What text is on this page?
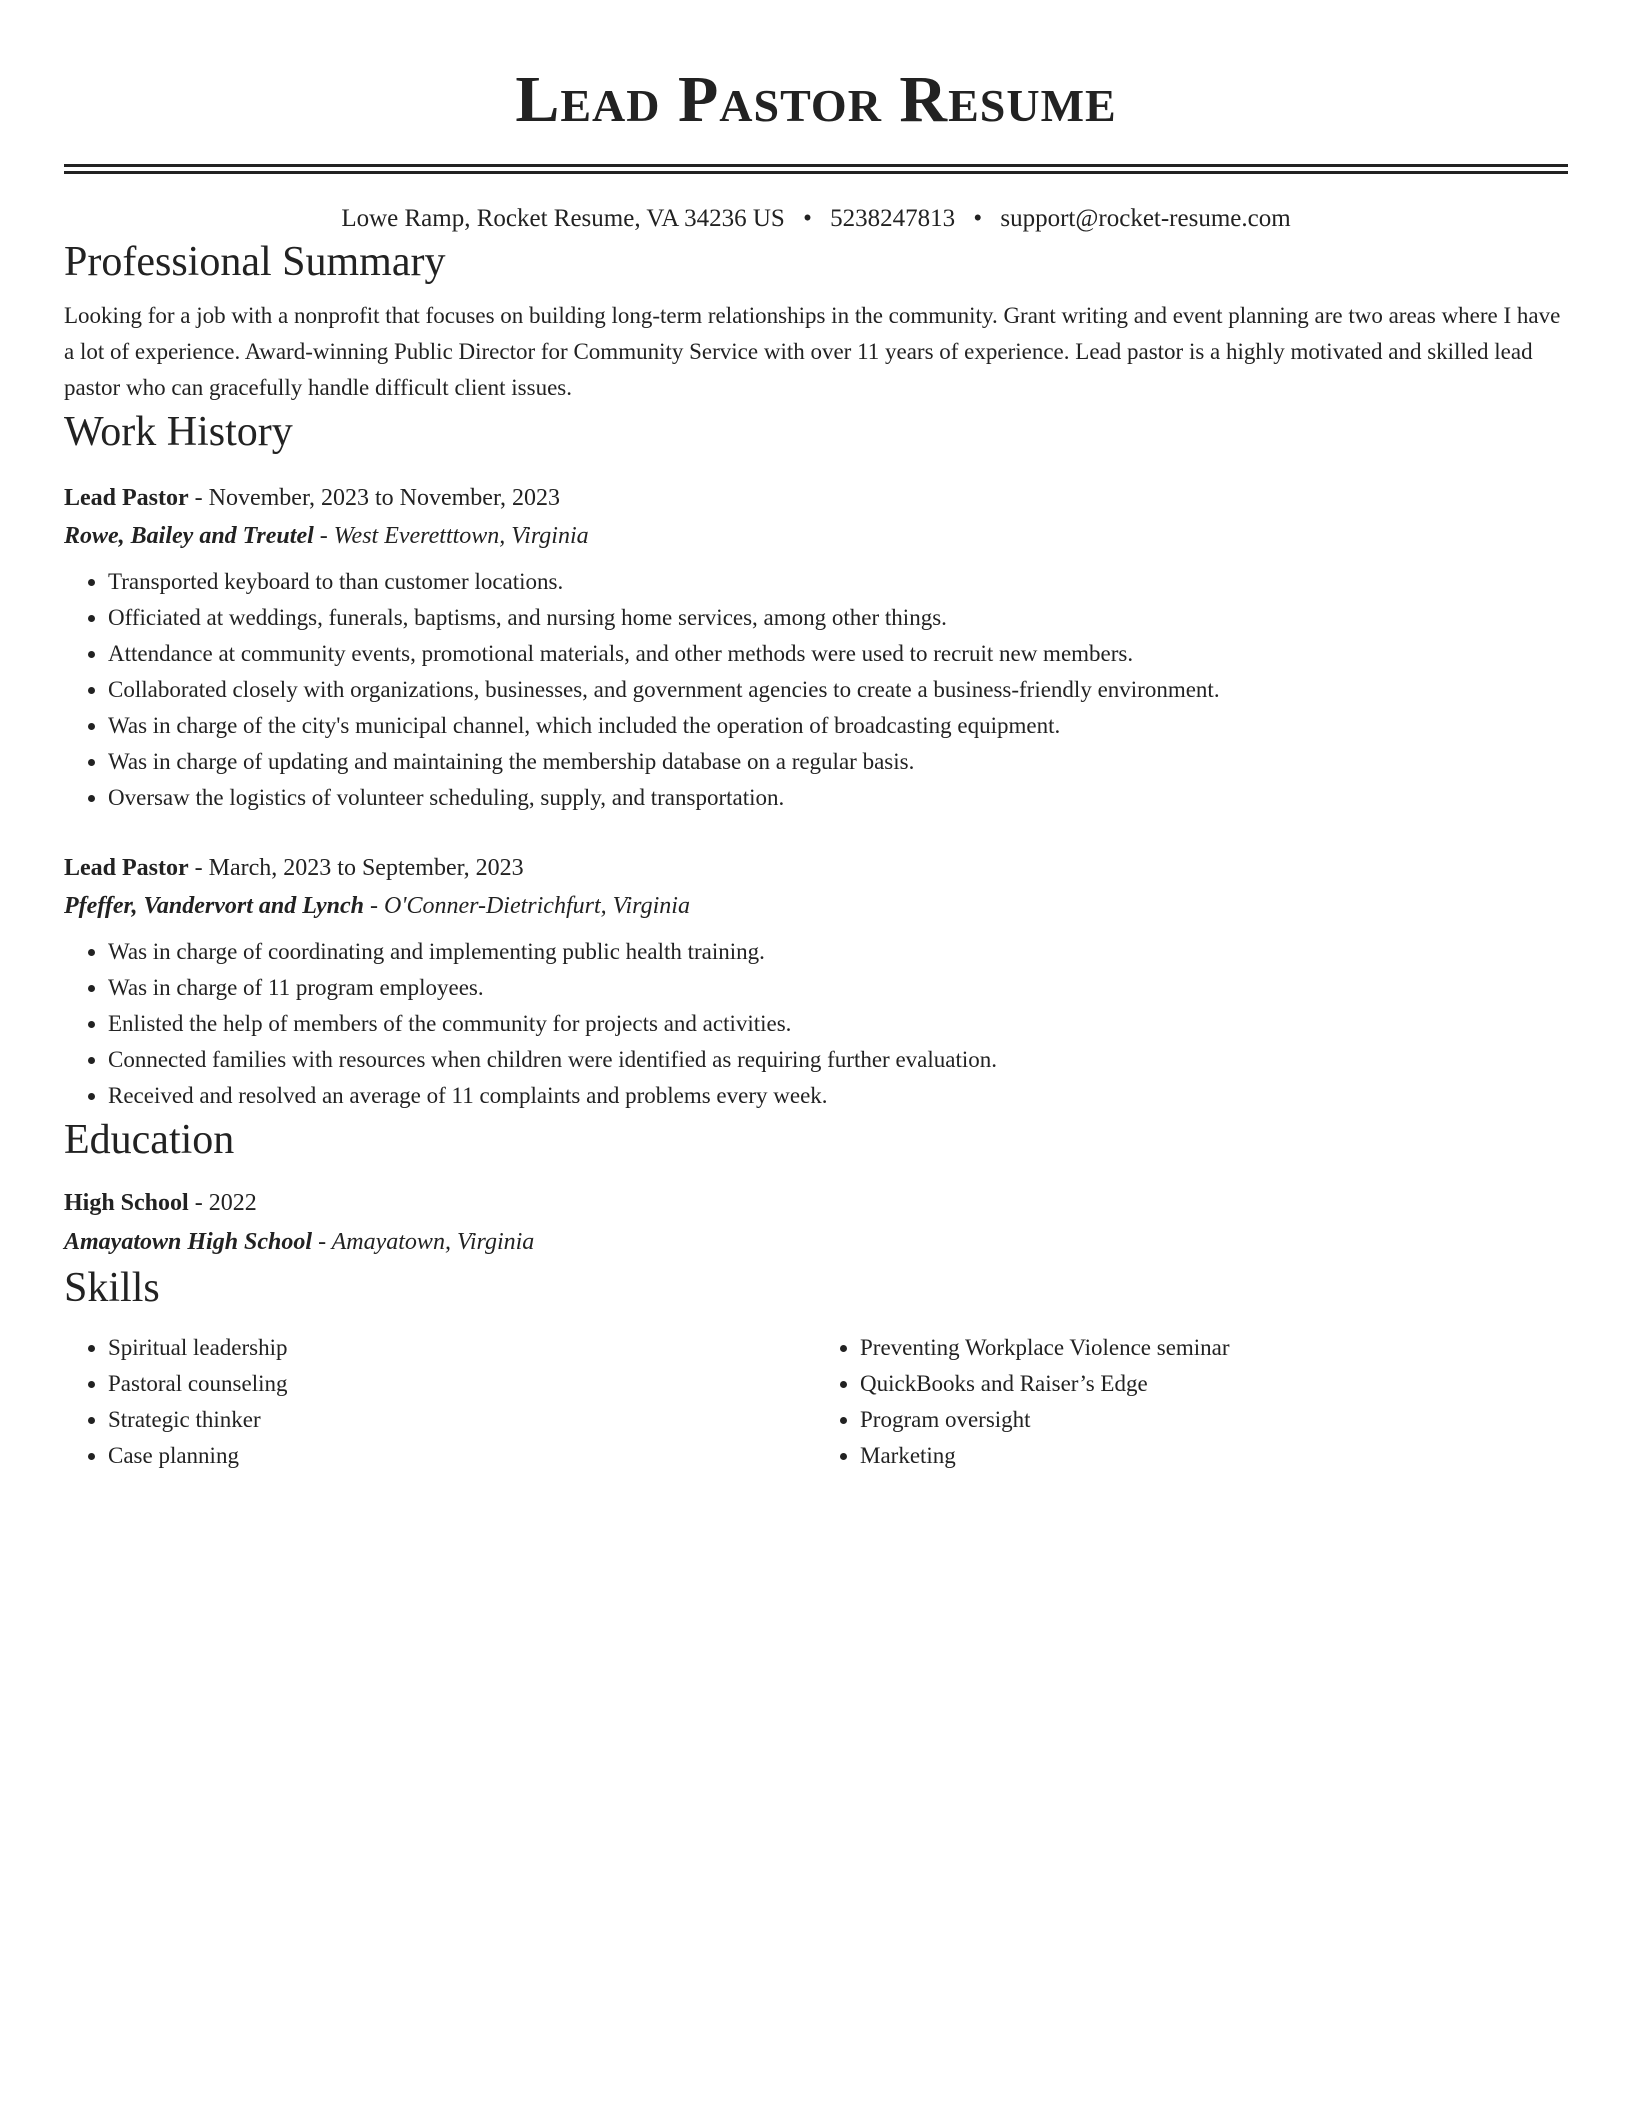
Lead Pastor Resume
Lowe Ramp, Rocket Resume, VA 34236 US • 5238247813 • support@rocket-resume.com
Professional Summary

Looking for a job with a nonprofit that focuses on building long-term relationships in the community. Grant writing and event planning are two areas where I have a lot of experience. Award-winning Public Director for Community Service with over 11 years of experience. Lead pastor is a highly motivated and skilled lead pastor who can gracefully handle difficult client issues.

Work History
Lead Pastor - November, 2023 to November, 2023
Rowe, Bailey and Treutel - West Everetttown, Virginia
• Transported keyboard to than customer locations.
• Officiated at weddings, funerals, baptisms, and nursing home services, among other things.
• Attendance at community events, promotional materials, and other methods were used to recruit new members.
• Collaborated closely with organizations, businesses, and government agencies to create a business-friendly environment.
• Was in charge of the city's municipal channel, which included the operation of broadcasting equipment.
• Was in charge of updating and maintaining the membership database on a regular basis.
• Oversaw the logistics of volunteer scheduling, supply, and transportation.
Lead Pastor - March, 2023 to September, 2023
Pfeffer, Vandervort and Lynch - O'Conner-Dietrichfurt, Virginia
• Was in charge of coordinating and implementing public health training.
• Was in charge of 11 program employees.
• Enlisted the help of members of the community for projects and activities.
• Connected families with resources when children were identified as requiring further evaluation.
• Received and resolved an average of 11 complaints and problems every week.
Education
High School - 2022
Amayatown High School - Amayatown, Virginia
Skills
• Spiritual leadership
• Pastoral counseling
• Strategic thinker
• Case planning
• Preventing Workplace Violence seminar
• QuickBooks and Raiser’s Edge
• Program oversight
• Marketing
